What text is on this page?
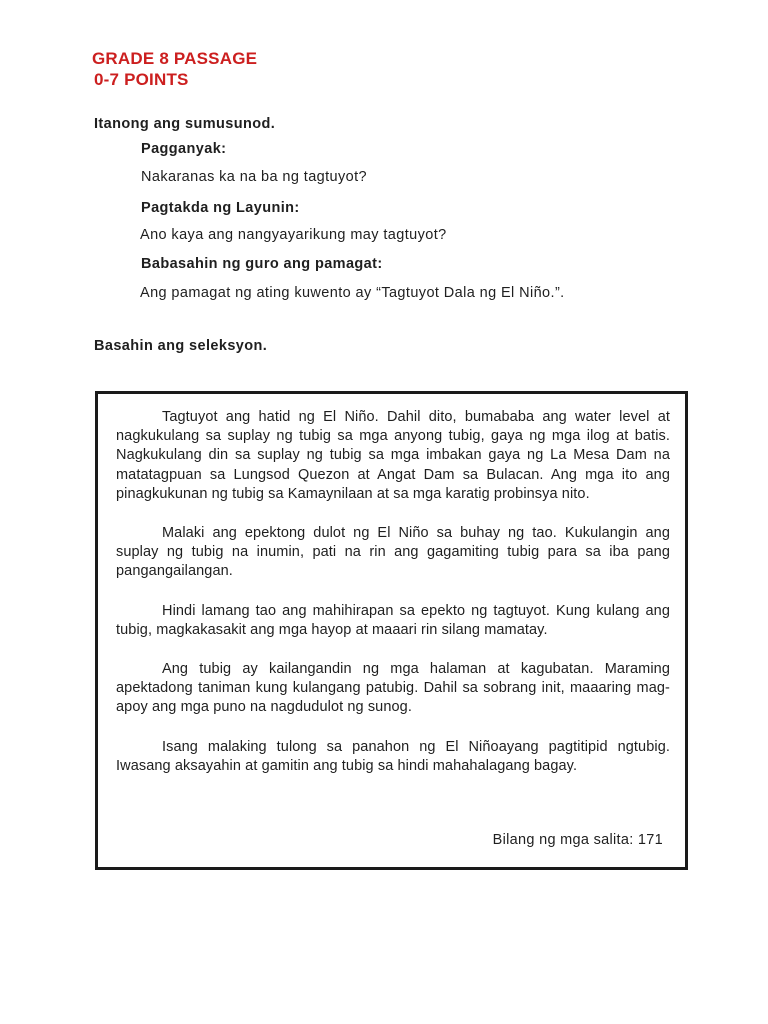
GRADE 8 PASSAGE
0-7 POINTS

Itanong ang sumusunod.

Pagganyak:

Nakaranas ka na ba ng tagtuyot?

Pagtakda ng Layunin:

Ano kaya ang nangyayarikung may tagtuyot?

Babasahin ng guro ang pamagat:

Ang pamagat ng ating kuwento ay “Tagtuyot Dala ng El Niño.”.

Basahin ang seleksyon.

Tagtuyot ang hatid ng El Niño. Dahil dito, bumababa ang water level at nagkukulang sa suplay ng tubig sa mga anyong tubig, gaya ng mga ilog at batis. Nagkukulang din sa suplay ng tubig sa mga imbakan gaya ng La Mesa Dam na matatagpuan sa Lungsod Quezon at Angat Dam sa Bulacan. Ang mga ito ang pinagkukunan ng tubig sa Kamaynilaan at sa mga karatig probinsya nito.

Malaki ang epektong dulot ng El Niño sa buhay ng tao. Kukulangin ang suplay ng tubig na inumin, pati na rin ang gagamiting tubig para sa iba pang pangangailangan.

Hindi lamang tao ang mahihirapan sa epekto ng tagtuyot. Kung kulang ang tubig, magkakasakit ang mga hayop at maaari rin silang mamatay.

Ang tubig ay kailangandin ng mga halaman at kagubatan. Maraming apektadong taniman kung kulangang patubig. Dahil sa sobrang init, maaaring mag-apoy ang mga puno na nagdudulot ng sunog.

Isang malaking tulong sa panahon ng El Niñoayang pagtitipid ngtubig. Iwasang aksayahin at gamitin ang tubig sa hindi mahahalagang bagay.

Bilang ng mga salita: 171
